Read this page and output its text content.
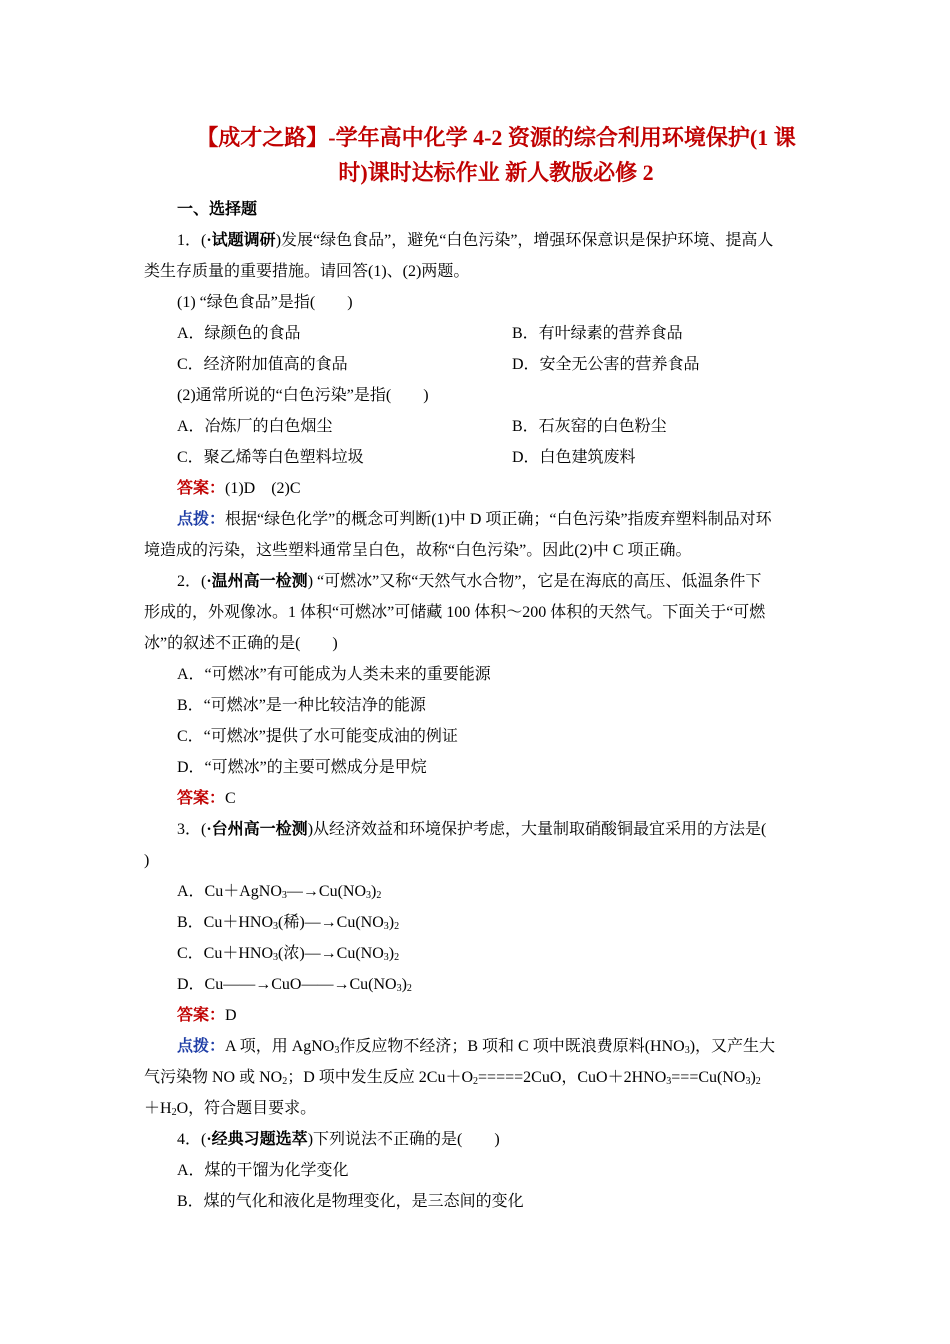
【成才之路】-学年高中化学 4-2 资源的综合利用环境保护(1 课
时)课时达标作业 新人教版必修 2
一、选择题
1．(·试题调研)发展“绿色食品”，避免“白色污染”，增强环保意识是保护环境、提高人
类生存质量的重要措施。请回答(1)、(2)两题。
(1) “绿色食品”是指(　　)
A．绿颜色的食品	B．有叶绿素的营养食品
C．经济附加值高的食品	D．安全无公害的营养食品
(2)通常所说的“白色污染”是指(　　)
A．冶炼厂的白色烟尘	B．石灰窑的白色粉尘
C．聚乙烯等白色塑料垃圾	D．白色建筑废料
答案：(1)D　(2)C
点拨：根据“绿色化学”的概念可判断(1)中 D 项正确；“白色污染”指废弃塑料制品对环
境造成的污染，这些塑料通常呈白色，故称“白色污染”。因此(2)中 C 项正确。
2．(·温州高一检测) “可燃冰”又称“天然气水合物”，它是在海底的高压、低温条件下
形成的，外观像冰。1 体积“可燃冰”可储藏 100 体积～200 体积的天然气。下面关于“可燃
冰”的叙述不正确的是(　　)
A．“可燃冰”有可能成为人类未来的重要能源
B．“可燃冰”是一种比较洁净的能源
C．“可燃冰”提供了水可能变成油的例证
D．“可燃冰”的主要可燃成分是甲烷
答案：C
3．(·台州高一检测)从经济效益和环境保护考虑，大量制取硝酸铜最宜采用的方法是(
)
A．$Cu+AgNO_3―\to Cu(NO_3)_2$
B．$Cu+HNO_3$(稀)$―\to Cu(NO_3)_2$
C．$Cu+HNO_3$(浓)$―\to Cu(NO_3)_2$
D．$Cu――\to CuO――\to Cu(NO_3)_2$
答案：D
点拨：A 项，用 AgNO$_3$作反应物不经济；B 项和 C 项中既浪费原料$(HNO_3)$，又产生大
气污染物 NO 或 $NO_2$；D 项中发生反应 $2Cu+O_2=====2CuO$，$CuO+2HNO_3===Cu(NO_3)_2$
$+H_2O$，符合题目要求。
4．(·经典习题选萃)下列说法不正确的是(　　)
A．煤的干馏为化学变化
B．煤的气化和液化是物理变化，是三态间的变化
